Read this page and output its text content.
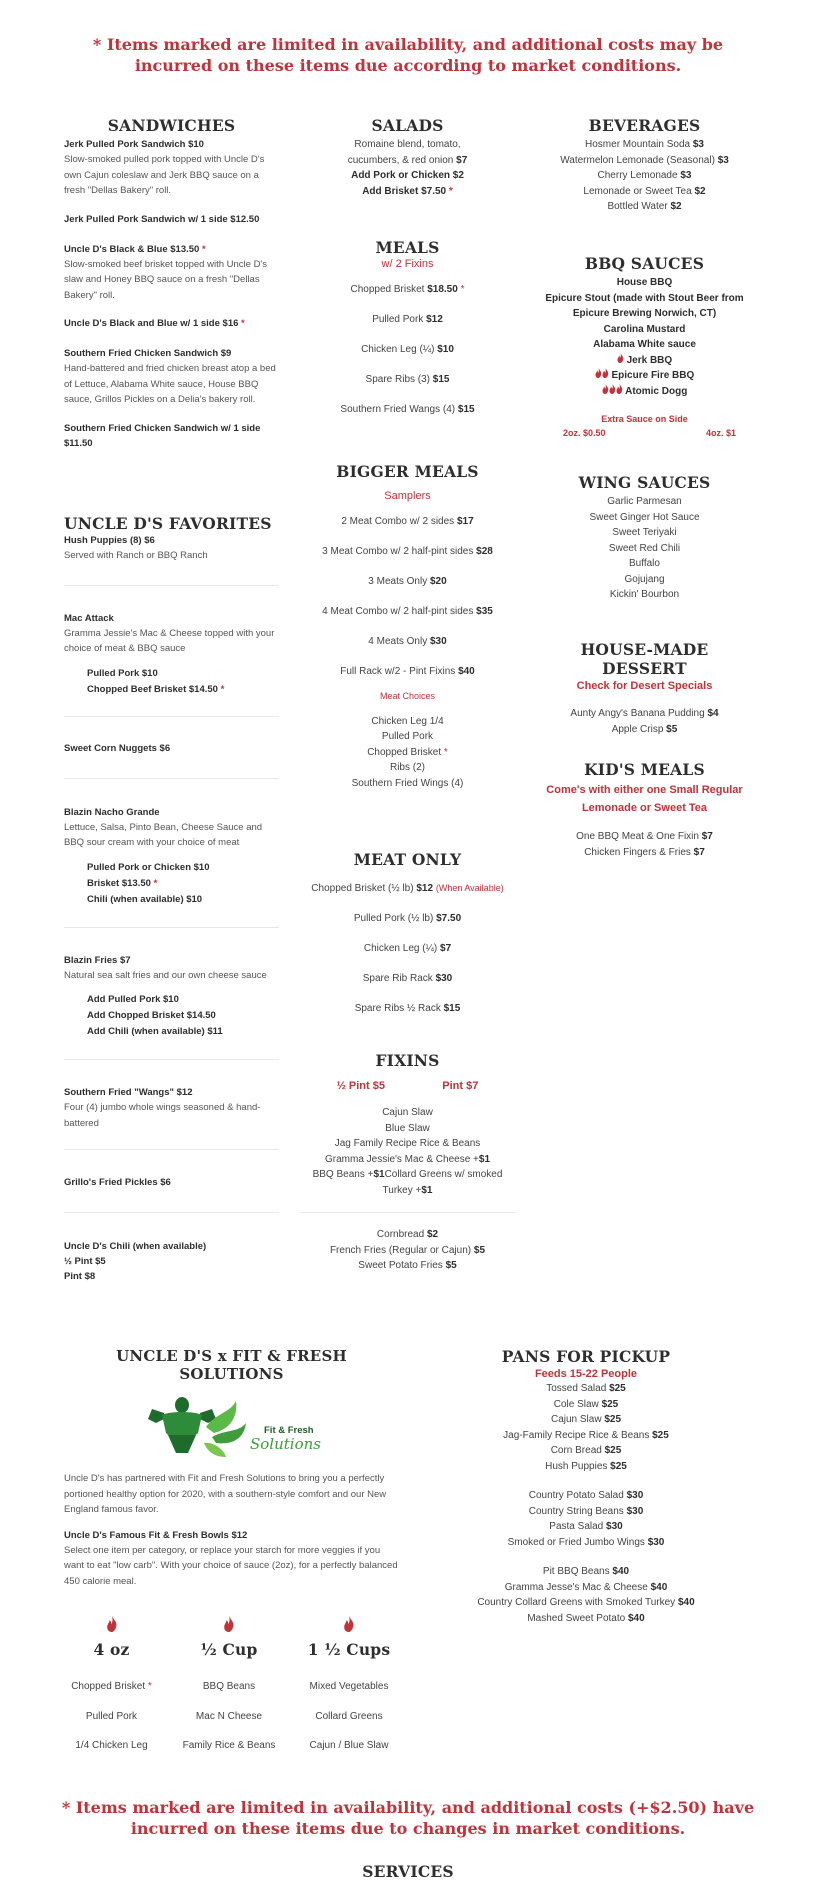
* Items marked are limited in availability, and additional costs may be incurred on these items due according to market conditions.
SANDWICHES
Jerk Pulled Pork Sandwich $10
Slow-smoked pulled pork topped with Uncle D's own Cajun coleslaw and Jerk BBQ sauce on a fresh "Dellas Bakery" roll.
Jerk Pulled Pork Sandwich w/ 1 side $12.50
Uncle D's Black & Blue $13.50 *
Slow-smoked beef brisket topped with Uncle D's slaw and Honey BBQ sauce on a fresh "Dellas Bakery" roll.
Uncle D's Black and Blue w/ 1 side $16 *
Southern Fried Chicken Sandwich $9
Hand-battered and fried chicken breast atop a bed of Lettuce, Alabama White sauce, House BBQ sauce, Grillos Pickles on a Delia's bakery roll.
Southern Fried Chicken Sandwich w/ 1 side $11.50
UNCLE D'S FAVORITES
Hush Puppies (8) $6
Served with Ranch or BBQ Ranch
Mac Attack
Gramma Jessie's Mac & Cheese topped with your choice of meat & BBQ sauce
Pulled Pork $10
Chopped Beef Brisket $14.50 *
Sweet Corn Nuggets $6
Blazin Nacho Grande
Lettuce, Salsa, Pinto Bean, Cheese Sauce and BBQ sour cream with your choice of meat
Pulled Pork or Chicken $10
Brisket $13.50 *
Chili (when available) $10
Blazin Fries $7
Natural sea salt fries and our own cheese sauce
Add Pulled Pork $10
Add Chopped Brisket $14.50
Add Chili (when available) $11
Southern Fried "Wangs" $12
Four (4) jumbo whole wings seasoned & hand-battered
Grillo's Fried Pickles $6
Uncle D's Chili (when available)
½ Pint $5
Pint $8
SALADS
Romaine blend, tomato,
cucumbers, & red onion $7
Add Pork or Chicken $2
Add Brisket $7.50 *
MEALS
w/ 2 Fixins
Chopped Brisket $18.50 *
Pulled Pork $12
Chicken Leg (¼) $10
Spare Ribs (3) $15
Southern Fried Wangs (4) $15
BIGGER MEALS
Samplers
2 Meat Combo w/ 2 sides $17
3 Meat Combo w/ 2 half-pint sides $28
3 Meats Only $20
4 Meat Combo w/ 2 half-pint sides $35
4 Meats Only $30
Full Rack w/2 - Pint Fixins $40
Meat Choices
Chicken Leg 1/4
Pulled Pork
Chopped Brisket *
Ribs (2)
Southern Fried Wings (4)
MEAT ONLY
Chopped Brisket (½ lb) $12 (When Available)
Pulled Pork (½ lb) $7.50
Chicken Leg (¼) $7
Spare Rib Rack $30
Spare Ribs ½ Rack $15
FIXINS
½ Pint $5	Pint $7
Cajun Slaw
Blue Slaw
Jag Family Recipe Rice & Beans
Gramma Jessie's Mac & Cheese +$1
BBQ Beans +$1Collard Greens w/ smoked
Turkey +$1
Cornbread $2
French Fries (Regular or Cajun) $5
Sweet Potato Fries $5
BEVERAGES
Hosmer Mountain Soda $3
Watermelon Lemonade (Seasonal) $3
Cherry Lemonade $3
Lemonade or Sweet Tea $2
Bottled Water $2
BBQ SAUCES
House BBQ
Epicure Stout (made with Stout Beer from
Epicure Brewing Norwich, CT)
Carolina Mustard
Alabama White sauce
Jerk BBQ
Epicure Fire BBQ
Atomic Dogg
Extra Sauce on Side
2oz. $0.50	4oz. $1
WING SAUCES
Garlic Parmesan
Sweet Ginger Hot Sauce
Sweet Teriyaki
Sweet Red Chili
Buffalo
Gojujang
Kickin' Bourbon
HOUSE-MADE DESSERT
Check for Desert Specials
Aunty Angy's Banana Pudding $4
Apple Crisp $5
KID'S MEALS
Come's with either one Small Regular
Lemonade or Sweet Tea
One BBQ Meat & One Fixin $7
Chicken Fingers & Fries $7
UNCLE D'S x FIT & FRESH SOLUTIONS
Fit & Fresh
Solutions
Uncle D's has partnered with Fit and Fresh Solutions to bring you a perfectly portioned healthy option for 2020, with a southern-style comfort and our New England famous favor.
Uncle D's Famous Fit & Fresh Bowls $12
Select one item per category, or replace your starch for more veggies if you want to eat "low carb". With your choice of sauce (2oz), for a perfectly balanced 450 calorie meal.
4 oz
Chopped Brisket *
Pulled Pork
1/4 Chicken Leg
½ Cup
BBQ Beans
Mac N Cheese
Family Rice & Beans
1 ½ Cups
Mixed Vegetables
Collard Greens
Cajun / Blue Slaw
PANS FOR PICKUP
Feeds 15-22 People
Tossed Salad $25
Cole Slaw $25
Cajun Slaw $25
Jag-Family Recipe Rice & Beans $25
Corn Bread $25
Hush Puppies $25
Country Potato Salad $30
Country String Beans $30
Pasta Salad $30
Smoked or Fried Jumbo Wings $30
Pit BBQ Beans $40
Gramma Jesse's Mac & Cheese $40
Country Collard Greens with Smoked Turkey $40
Mashed Sweet Potato $40
* Items marked are limited in availability, and additional costs (+$2.50) have incurred on these items due to changes in market conditions.
SERVICES
